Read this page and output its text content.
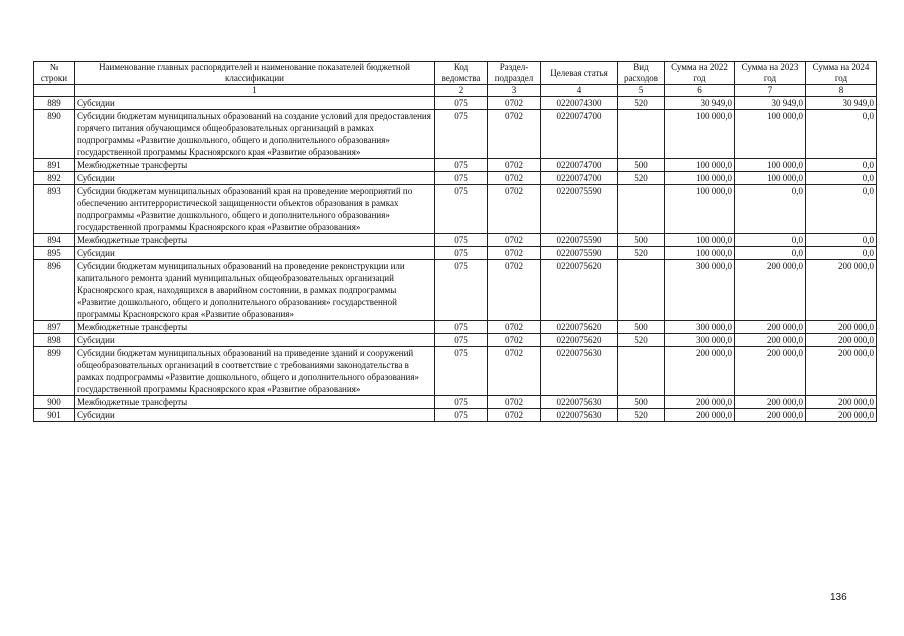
№ строки	Наименование главных распорядителей и наименование показателей бюджетной классификации	Код ведомства	Раздел-подраздел	Целевая статья	Вид расходов	Сумма на 2022 год	Сумма на 2023 год	Сумма на 2024 год
	1	2	3	4	5	6	7	8
889	Субсидии	075	0702	0220074300	520	30 949,0	30 949,0	30 949,0
890	Субсидии бюджетам муниципальных образований на создание условий для предоставления горячего питания обучающимся общеобразовательных организаций в рамках подпрограммы «Развитие дошкольного, общего и дополнительного образования» государственной программы Красноярского края «Развитие образования»	075	0702	0220074700		100 000,0	100 000,0	0,0
891	Межбюджетные трансферты	075	0702	0220074700	500	100 000,0	100 000,0	0,0
892	Субсидии	075	0702	0220074700	520	100 000,0	100 000,0	0,0
893	Субсидии бюджетам муниципальных образований края на проведение мероприятий по обеспечению антитеррористической защищенности объектов образования в рамках подпрограммы «Развитие дошкольного, общего и дополнительного образования» государственной программы Красноярского края «Развитие образования»	075	0702	0220075590		100 000,0	0,0	0,0
894	Межбюджетные трансферты	075	0702	0220075590	500	100 000,0	0,0	0,0
895	Субсидии	075	0702	0220075590	520	100 000,0	0,0	0,0
896	Субсидии бюджетам муниципальных образований на проведение реконструкции или капитального ремонта зданий муниципальных общеобразовательных организаций Красноярского края, находящихся в аварийном состоянии, в рамках подпрограммы «Развитие дошкольного, общего и дополнительного образования» государственной программы Красноярского края «Развитие образования»	075	0702	0220075620		300 000,0	200 000,0	200 000,0
897	Межбюджетные трансферты	075	0702	0220075620	500	300 000,0	200 000,0	200 000,0
898	Субсидии	075	0702	0220075620	520	300 000,0	200 000,0	200 000,0
899	Субсидии бюджетам муниципальных образований на приведение зданий и сооружений общеобразовательных организаций в соответствие с требованиями законодательства в рамках подпрограммы «Развитие дошкольного, общего и дополнительного образования» государственной программы Красноярского края «Развитие образования»	075	0702	0220075630		200 000,0	200 000,0	200 000,0
900	Межбюджетные трансферты	075	0702	0220075630	500	200 000,0	200 000,0	200 000,0
901	Субсидии	075	0702	0220075630	520	200 000,0	200 000,0	200 000,0
136
